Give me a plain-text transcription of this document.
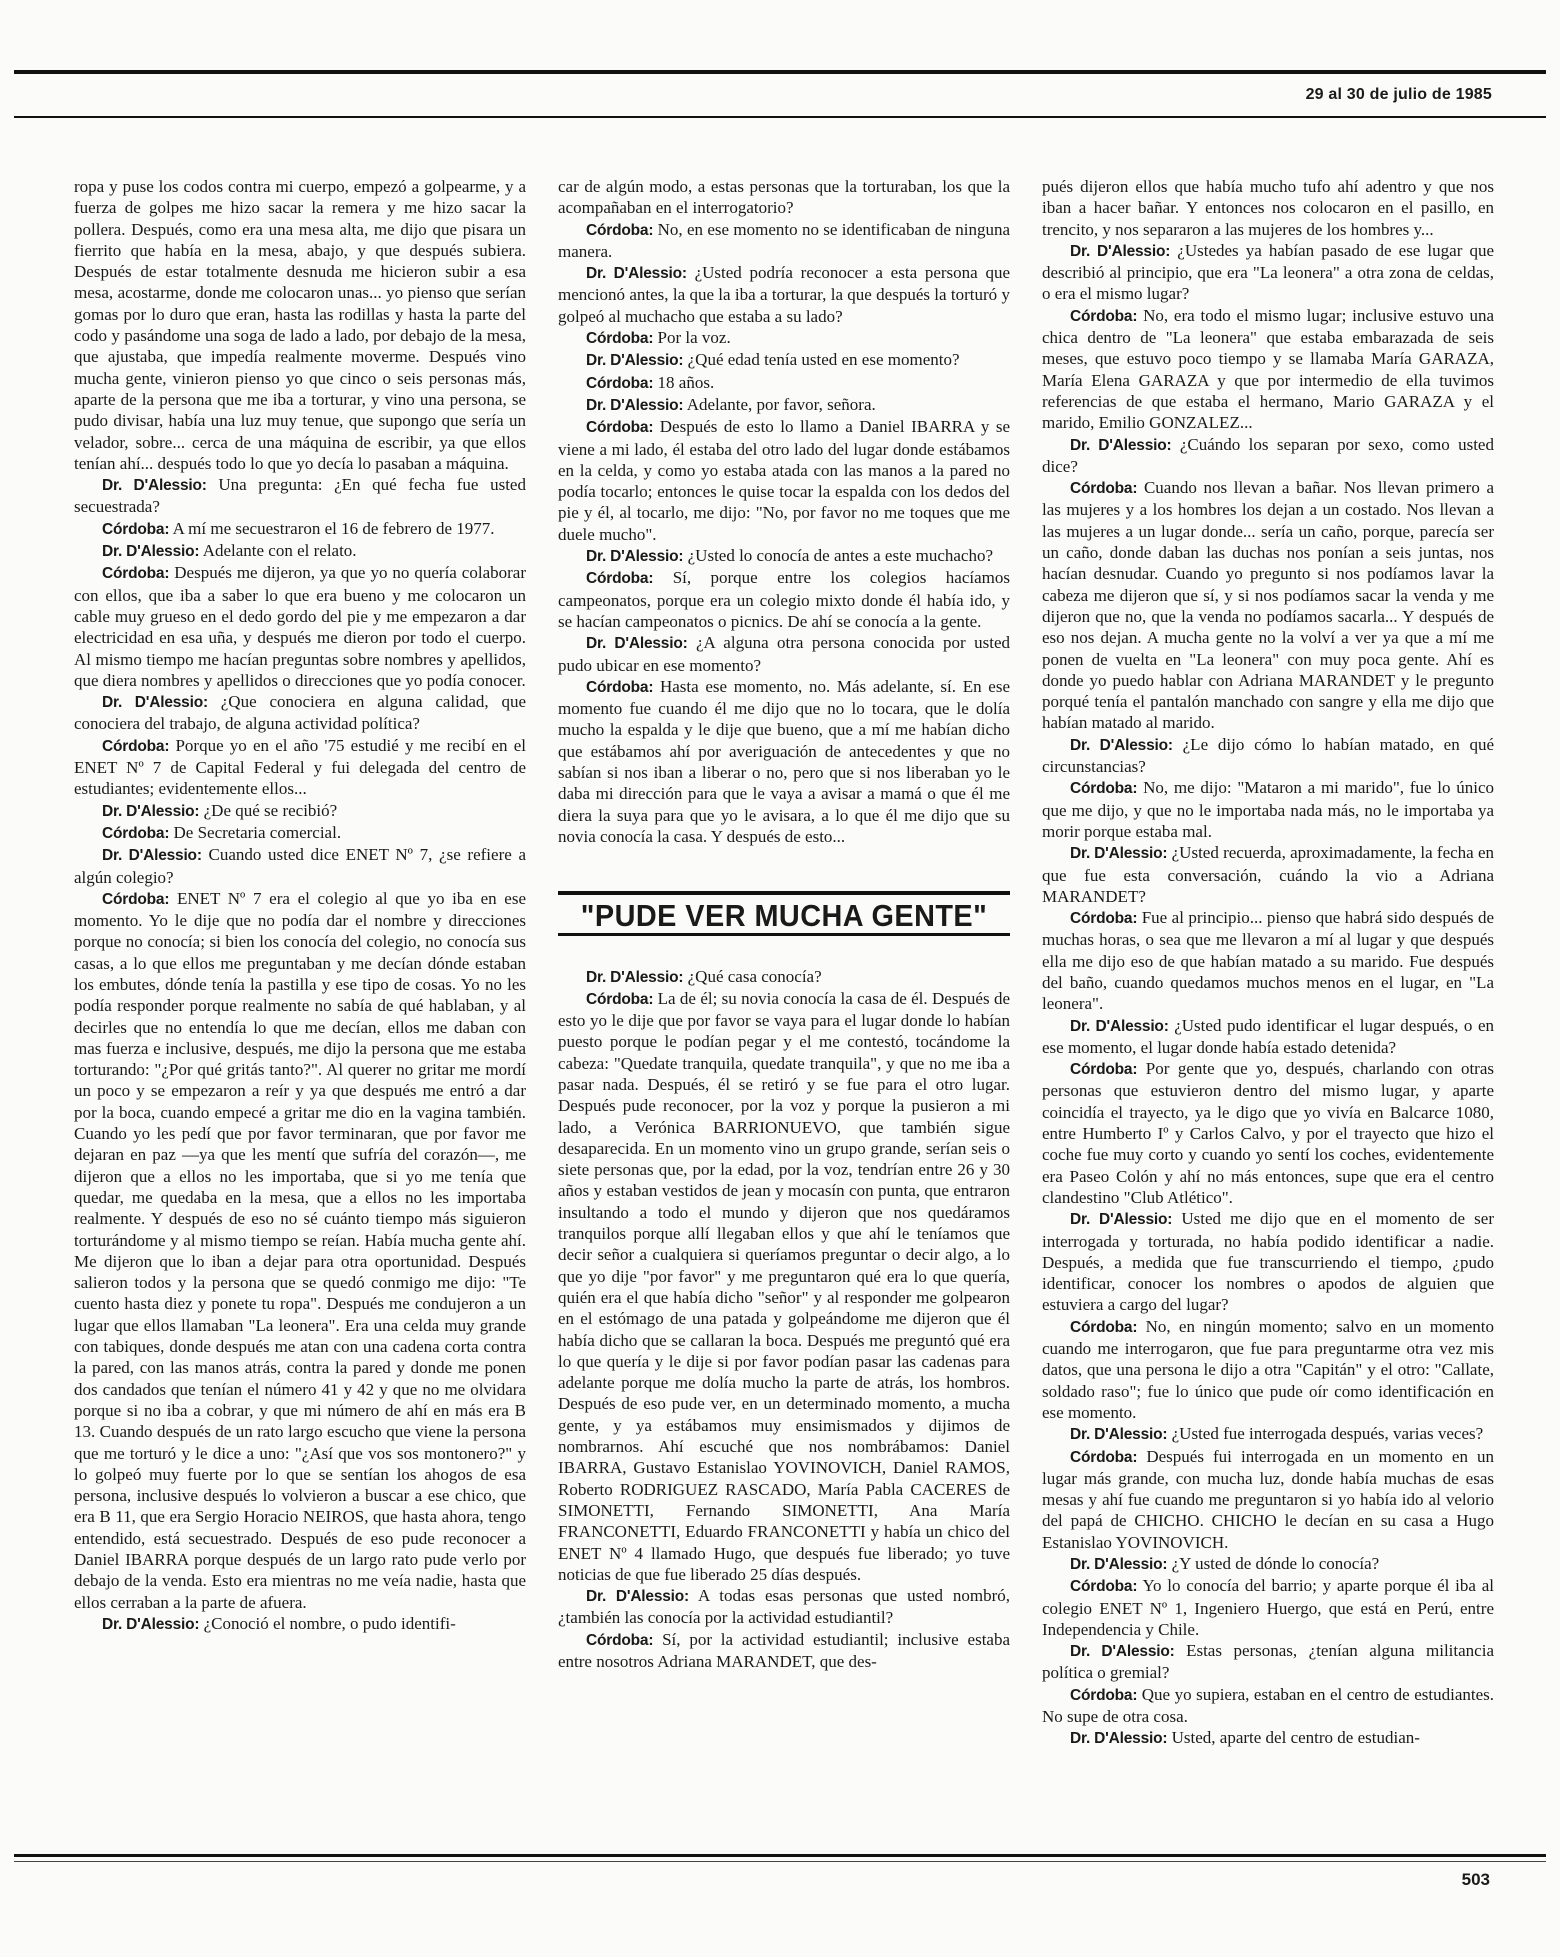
29 al 30 de julio de 1985

ropa y puse los codos contra mi cuerpo, empezó a golpearme, y a fuerza de golpes me hizo sacar la remera y me hizo sacar la pollera. Después, como era una mesa alta, me dijo que pisara un fierrito que había en la mesa, abajo, y que después subiera. Después de estar totalmente desnuda me hicieron subir a esa mesa, acostarme, donde me colocaron unas... yo pienso que serían gomas por lo duro que eran, hasta las rodillas y hasta la parte del codo y pasándome una soga de lado a lado, por debajo de la mesa, que ajustaba, que impedía realmente moverme. Después vino mucha gente, vinieron pienso yo que cinco o seis personas más, aparte de la persona que me iba a torturar, y vino una persona, se pudo divisar, había una luz muy tenue, que supongo que sería un velador, sobre... cerca de una máquina de escribir, ya que ellos tenían ahí... después todo lo que yo decía lo pasaban a máquina.

Dr. D'Alessio: Una pregunta: ¿En qué fecha fue usted secuestrada?

Córdoba: A mí me secuestraron el 16 de febrero de 1977.

Dr. D'Alessio: Adelante con el relato.

Córdoba: Después me dijeron, ya que yo no quería colaborar con ellos, que iba a saber lo que era bueno y me colocaron un cable muy grueso en el dedo gordo del pie y me empezaron a dar electricidad en esa uña, y después me dieron por todo el cuerpo. Al mismo tiempo me hacían preguntas sobre nombres y apellidos, que diera nombres y apellidos o direcciones que yo podía conocer.

Dr. D'Alessio: ¿Que conociera en alguna calidad, que conociera del trabajo, de alguna actividad política?

Córdoba: Porque yo en el año '75 estudié y me recibí en el ENET Nº 7 de Capital Federal y fui delegada del centro de estudiantes; evidentemente ellos...

Dr. D'Alessio: ¿De qué se recibió?

Córdoba: De Secretaria comercial.

Dr. D'Alessio: Cuando usted dice ENET Nº 7, ¿se refiere a algún colegio?

Córdoba: ENET Nº 7 era el colegio al que yo iba en ese momento. Yo le dije que no podía dar el nombre y direcciones porque no conocía; si bien los conocía del colegio, no conocía sus casas, a lo que ellos me preguntaban y me decían dónde estaban los embutes, dónde tenía la pastilla y ese tipo de cosas. Yo no les podía responder porque realmente no sabía de qué hablaban, y al decirles que no entendía lo que me decían, ellos me daban con mas fuerza e inclusive, después, me dijo la persona que me estaba torturando: "¿Por qué gritás tanto?". Al querer no gritar me mordí un poco y se empezaron a reír y ya que después me entró a dar por la boca, cuando empecé a gritar me dio en la vagina también. Cuando yo les pedí que por favor terminaran, que por favor me dejaran en paz —ya que les mentí que sufría del corazón—, me dijeron que a ellos no les importaba, que si yo me tenía que quedar, me quedaba en la mesa, que a ellos no les importaba realmente. Y después de eso no sé cuánto tiempo más siguieron torturándome y al mismo tiempo se reían. Había mucha gente ahí. Me dijeron que lo iban a dejar para otra oportunidad. Después salieron todos y la persona que se quedó conmigo me dijo: "Te cuento hasta diez y ponete tu ropa". Después me condujeron a un lugar que ellos llamaban "La leonera". Era una celda muy grande con tabiques, donde después me atan con una cadena corta contra la pared, con las manos atrás, contra la pared y donde me ponen dos candados que tenían el número 41 y 42 y que no me olvidara porque si no iba a cobrar, y que mi número de ahí en más era B 13. Cuando después de un rato largo escucho que viene la persona que me torturó y le dice a uno: "¿Así que vos sos montonero?" y lo golpeó muy fuerte por lo que se sentían los ahogos de esa persona, inclusive después lo volvieron a buscar a ese chico, que era B 11, que era Sergio Horacio NEIROS, que hasta ahora, tengo entendido, está secuestrado. Después de eso pude reconocer a Daniel IBARRA porque después de un largo rato pude verlo por debajo de la venda. Esto era mientras no me veía nadie, hasta que ellos cerraban a la parte de afuera.

Dr. D'Alessio: ¿Conoció el nombre, o pudo identifi-

car de algún modo, a estas personas que la torturaban, los que la acompañaban en el interrogatorio?

Córdoba: No, en ese momento no se identificaban de ninguna manera.

Dr. D'Alessio: ¿Usted podría reconocer a esta persona que mencionó antes, la que la iba a torturar, la que después la torturó y golpeó al muchacho que estaba a su lado?

Córdoba: Por la voz.

Dr. D'Alessio: ¿Qué edad tenía usted en ese momento?

Córdoba: 18 años.

Dr. D'Alessio: Adelante, por favor, señora.

Córdoba: Después de esto lo llamo a Daniel IBARRA y se viene a mi lado, él estaba del otro lado del lugar donde estábamos en la celda, y como yo estaba atada con las manos a la pared no podía tocarlo; entonces le quise tocar la espalda con los dedos del pie y él, al tocarlo, me dijo: "No, por favor no me toques que me duele mucho".

Dr. D'Alessio: ¿Usted lo conocía de antes a este muchacho?

Córdoba: Sí, porque entre los colegios hacíamos campeonatos, porque era un colegio mixto donde él había ido, y se hacían campeonatos o picnics. De ahí se conocía a la gente.

Dr. D'Alessio: ¿A alguna otra persona conocida por usted pudo ubicar en ese momento?

Córdoba: Hasta ese momento, no. Más adelante, sí. En ese momento fue cuando él me dijo que no lo tocara, que le dolía mucho la espalda y le dije que bueno, que a mí me habían dicho que estábamos ahí por averiguación de antecedentes y que no sabían si nos iban a liberar o no, pero que si nos liberaban yo le daba mi dirección para que le vaya a avisar a mamá o que él me diera la suya para que yo le avisara, a lo que él me dijo que su novia conocía la casa. Y después de esto...

"PUDE VER MUCHA GENTE"

Dr. D'Alessio: ¿Qué casa conocía?

Córdoba: La de él; su novia conocía la casa de él. Después de esto yo le dije que por favor se vaya para el lugar donde lo habían puesto porque le podían pegar y el me contestó, tocándome la cabeza: "Quedate tranquila, quedate tranquila", y que no me iba a pasar nada. Después, él se retiró y se fue para el otro lugar. Después pude reconocer, por la voz y porque la pusieron a mi lado, a Verónica BARRIONUEVO, que también sigue desaparecida. En un momento vino un grupo grande, serían seis o siete personas que, por la edad, por la voz, tendrían entre 26 y 30 años y estaban vestidos de jean y mocasín con punta, que entraron insultando a todo el mundo y dijeron que nos quedáramos tranquilos porque allí llegaban ellos y que ahí le teníamos que decir señor a cualquiera si queríamos preguntar o decir algo, a lo que yo dije "por favor" y me preguntaron qué era lo que quería, quién era el que había dicho "señor" y al responder me golpearon en el estómago de una patada y golpeándome me dijeron que él había dicho que se callaran la boca. Después me preguntó qué era lo que quería y le dije si por favor podían pasar las cadenas para adelante porque me dolía mucho la parte de atrás, los hombros. Después de eso pude ver, en un determinado momento, a mucha gente, y ya estábamos muy ensimismados y dijimos de nombrarnos. Ahí escuché que nos nombrábamos: Daniel IBARRA, Gustavo Estanislao YOVINOVICH, Daniel RAMOS, Roberto RODRIGUEZ RASCADO, María Pabla CACERES de SIMONETTI, Fernando SIMONETTI, Ana María FRANCONETTI, Eduardo FRANCONETTI y había un chico del ENET Nº 4 llamado Hugo, que después fue liberado; yo tuve noticias de que fue liberado 25 días después.

Dr. D'Alessio: A todas esas personas que usted nombró, ¿también las conocía por la actividad estudiantil?

Córdoba: Sí, por la actividad estudiantil; inclusive estaba entre nosotros Adriana MARANDET, que des-

pués dijeron ellos que había mucho tufo ahí adentro y que nos iban a hacer bañar. Y entonces nos colocaron en el pasillo, en trencito, y nos separaron a las mujeres de los hombres y...

Dr. D'Alessio: ¿Ustedes ya habían pasado de ese lugar que describió al principio, que era "La leonera" a otra zona de celdas, o era el mismo lugar?

Córdoba: No, era todo el mismo lugar; inclusive estuvo una chica dentro de "La leonera" que estaba embarazada de seis meses, que estuvo poco tiempo y se llamaba María GARAZA, María Elena GARAZA y que por intermedio de ella tuvimos referencias de que estaba el hermano, Mario GARAZA y el marido, Emilio GONZALEZ...

Dr. D'Alessio: ¿Cuándo los separan por sexo, como usted dice?

Córdoba: Cuando nos llevan a bañar. Nos llevan primero a las mujeres y a los hombres los dejan a un costado. Nos llevan a las mujeres a un lugar donde... sería un caño, porque, parecía ser un caño, donde daban las duchas nos ponían a seis juntas, nos hacían desnudar. Cuando yo pregunto si nos podíamos lavar la cabeza me dijeron que sí, y si nos podíamos sacar la venda y me dijeron que no, que la venda no podíamos sacarla... Y después de eso nos dejan. A mucha gente no la volví a ver ya que a mí me ponen de vuelta en "La leonera" con muy poca gente. Ahí es donde yo puedo hablar con Adriana MARANDET y le pregunto porqué tenía el pantalón manchado con sangre y ella me dijo que habían matado al marido.

Dr. D'Alessio: ¿Le dijo cómo lo habían matado, en qué circunstancias?

Córdoba: No, me dijo: "Mataron a mi marido", fue lo único que me dijo, y que no le importaba nada más, no le importaba ya morir porque estaba mal.

Dr. D'Alessio: ¿Usted recuerda, aproximadamente, la fecha en que fue esta conversación, cuándo la vio a Adriana MARANDET?

Córdoba: Fue al principio... pienso que habrá sido después de muchas horas, o sea que me llevaron a mí al lugar y que después ella me dijo eso de que habían matado a su marido. Fue después del baño, cuando quedamos muchos menos en el lugar, en "La leonera".

Dr. D'Alessio: ¿Usted pudo identificar el lugar después, o en ese momento, el lugar donde había estado detenida?

Córdoba: Por gente que yo, después, charlando con otras personas que estuvieron dentro del mismo lugar, y aparte coincidía el trayecto, ya le digo que yo vivía en Balcarce 1080, entre Humberto Iº y Carlos Calvo, y por el trayecto que hizo el coche fue muy corto y cuando yo sentí los coches, evidentemente era Paseo Colón y ahí no más entonces, supe que era el centro clandestino "Club Atlético".

Dr. D'Alessio: Usted me dijo que en el momento de ser interrogada y torturada, no había podido identificar a nadie. Después, a medida que fue transcurriendo el tiempo, ¿pudo identificar, conocer los nombres o apodos de alguien que estuviera a cargo del lugar?

Córdoba: No, en ningún momento; salvo en un momento cuando me interrogaron, que fue para preguntarme otra vez mis datos, que una persona le dijo a otra "Capitán" y el otro: "Callate, soldado raso"; fue lo único que pude oír como identificación en ese momento.

Dr. D'Alessio: ¿Usted fue interrogada después, varias veces?

Córdoba: Después fui interrogada en un momento en un lugar más grande, con mucha luz, donde había muchas de esas mesas y ahí fue cuando me preguntaron si yo había ido al velorio del papá de CHICHO. CHICHO le decían en su casa a Hugo Estanislao YOVINOVICH.

Dr. D'Alessio: ¿Y usted de dónde lo conocía?

Córdoba: Yo lo conocía del barrio; y aparte porque él iba al colegio ENET Nº 1, Ingeniero Huergo, que está en Perú, entre Independencia y Chile.

Dr. D'Alessio: Estas personas, ¿tenían alguna militancia política o gremial?

Córdoba: Que yo supiera, estaban en el centro de estudiantes. No supe de otra cosa.

Dr. D'Alessio: Usted, aparte del centro de estudian-

503
